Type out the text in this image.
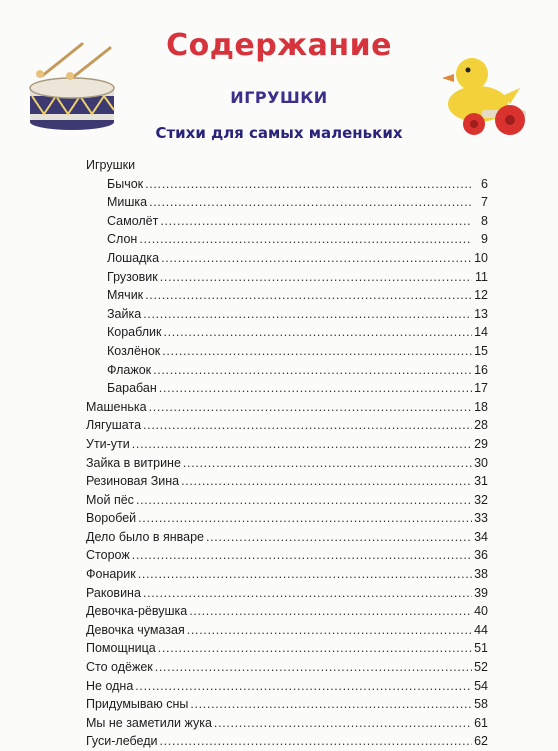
Содержание
ИГРУШКИ
Стихи для самых маленьких
Игрушки
Бычок . . .	6
Мишка . . .	7
Самолёт . . .	8
Слон . . .	9
Лошадка . . .	10
Грузовик . . .	11
Мячик . . .	12
Зайка . . .	13
Кораблик . . .	14
Козлёнок . . .	15
Флажок . . .	16
Барабан . . .	17
Машенька . . .	18
Лягушата . . .	28
Ути-ути . . .	29
Зайка в витрине . . .	30
Резиновая Зина . . .	31
Мой пёс . . .	32
Воробей . . .	33
Дело было в январе . . .	34
Сторож . . .	36
Фонарик . . .	38
Раковина . . .	39
Девочка-рёвушка . . .	40
Девочка чумазая . . .	44
Помощница . . .	51
Сто одёжек . . .	52
Не одна . . .	54
Придумываю сны . . .	58
Мы не заметили жука . . .	61
Гуси-лебеди . . .	62
